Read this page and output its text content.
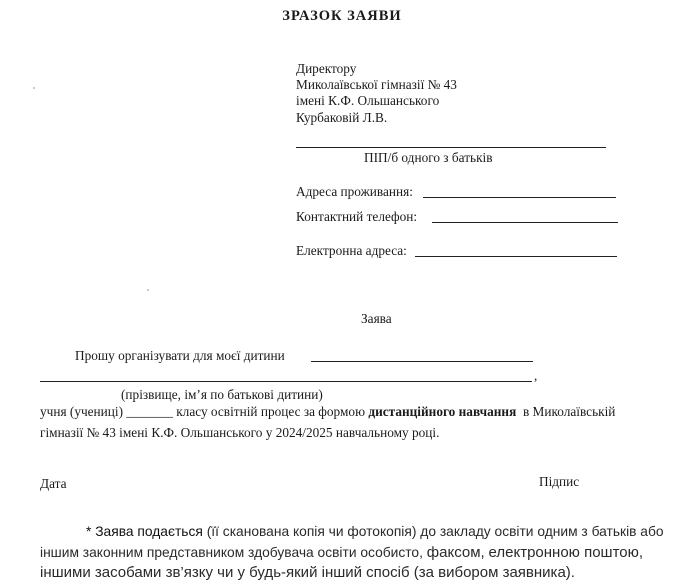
ЗРАЗОК ЗАЯВИ
Директору
Миколаївської гімназії № 43
імені К.Ф. Ольшанського
Курбаковій Л.В.
ПІП/б одного з батьків
Адреса проживання:
Контактний телефон:
Електронна адреса:
Заява
Прошу організувати для моєї дитини
,
(прізвище, ім’я по батькові дитини)
учня (учениці) _______ класу освітній процес за формою дистанційного навчання в Миколаївській
гімназії № 43 імені К.Ф. Ольшанського у 2024/2025 навчальному році.
Дата	Підпис
* Заява подається (її сканована копія чи фотокопія) до закладу освіти одним з батьків або
іншим законним представником здобувача освіти особисто, факсом, електронною поштою,
іншими засобами зв’язку чи у будь-який інший спосіб (за вибором заявника).
